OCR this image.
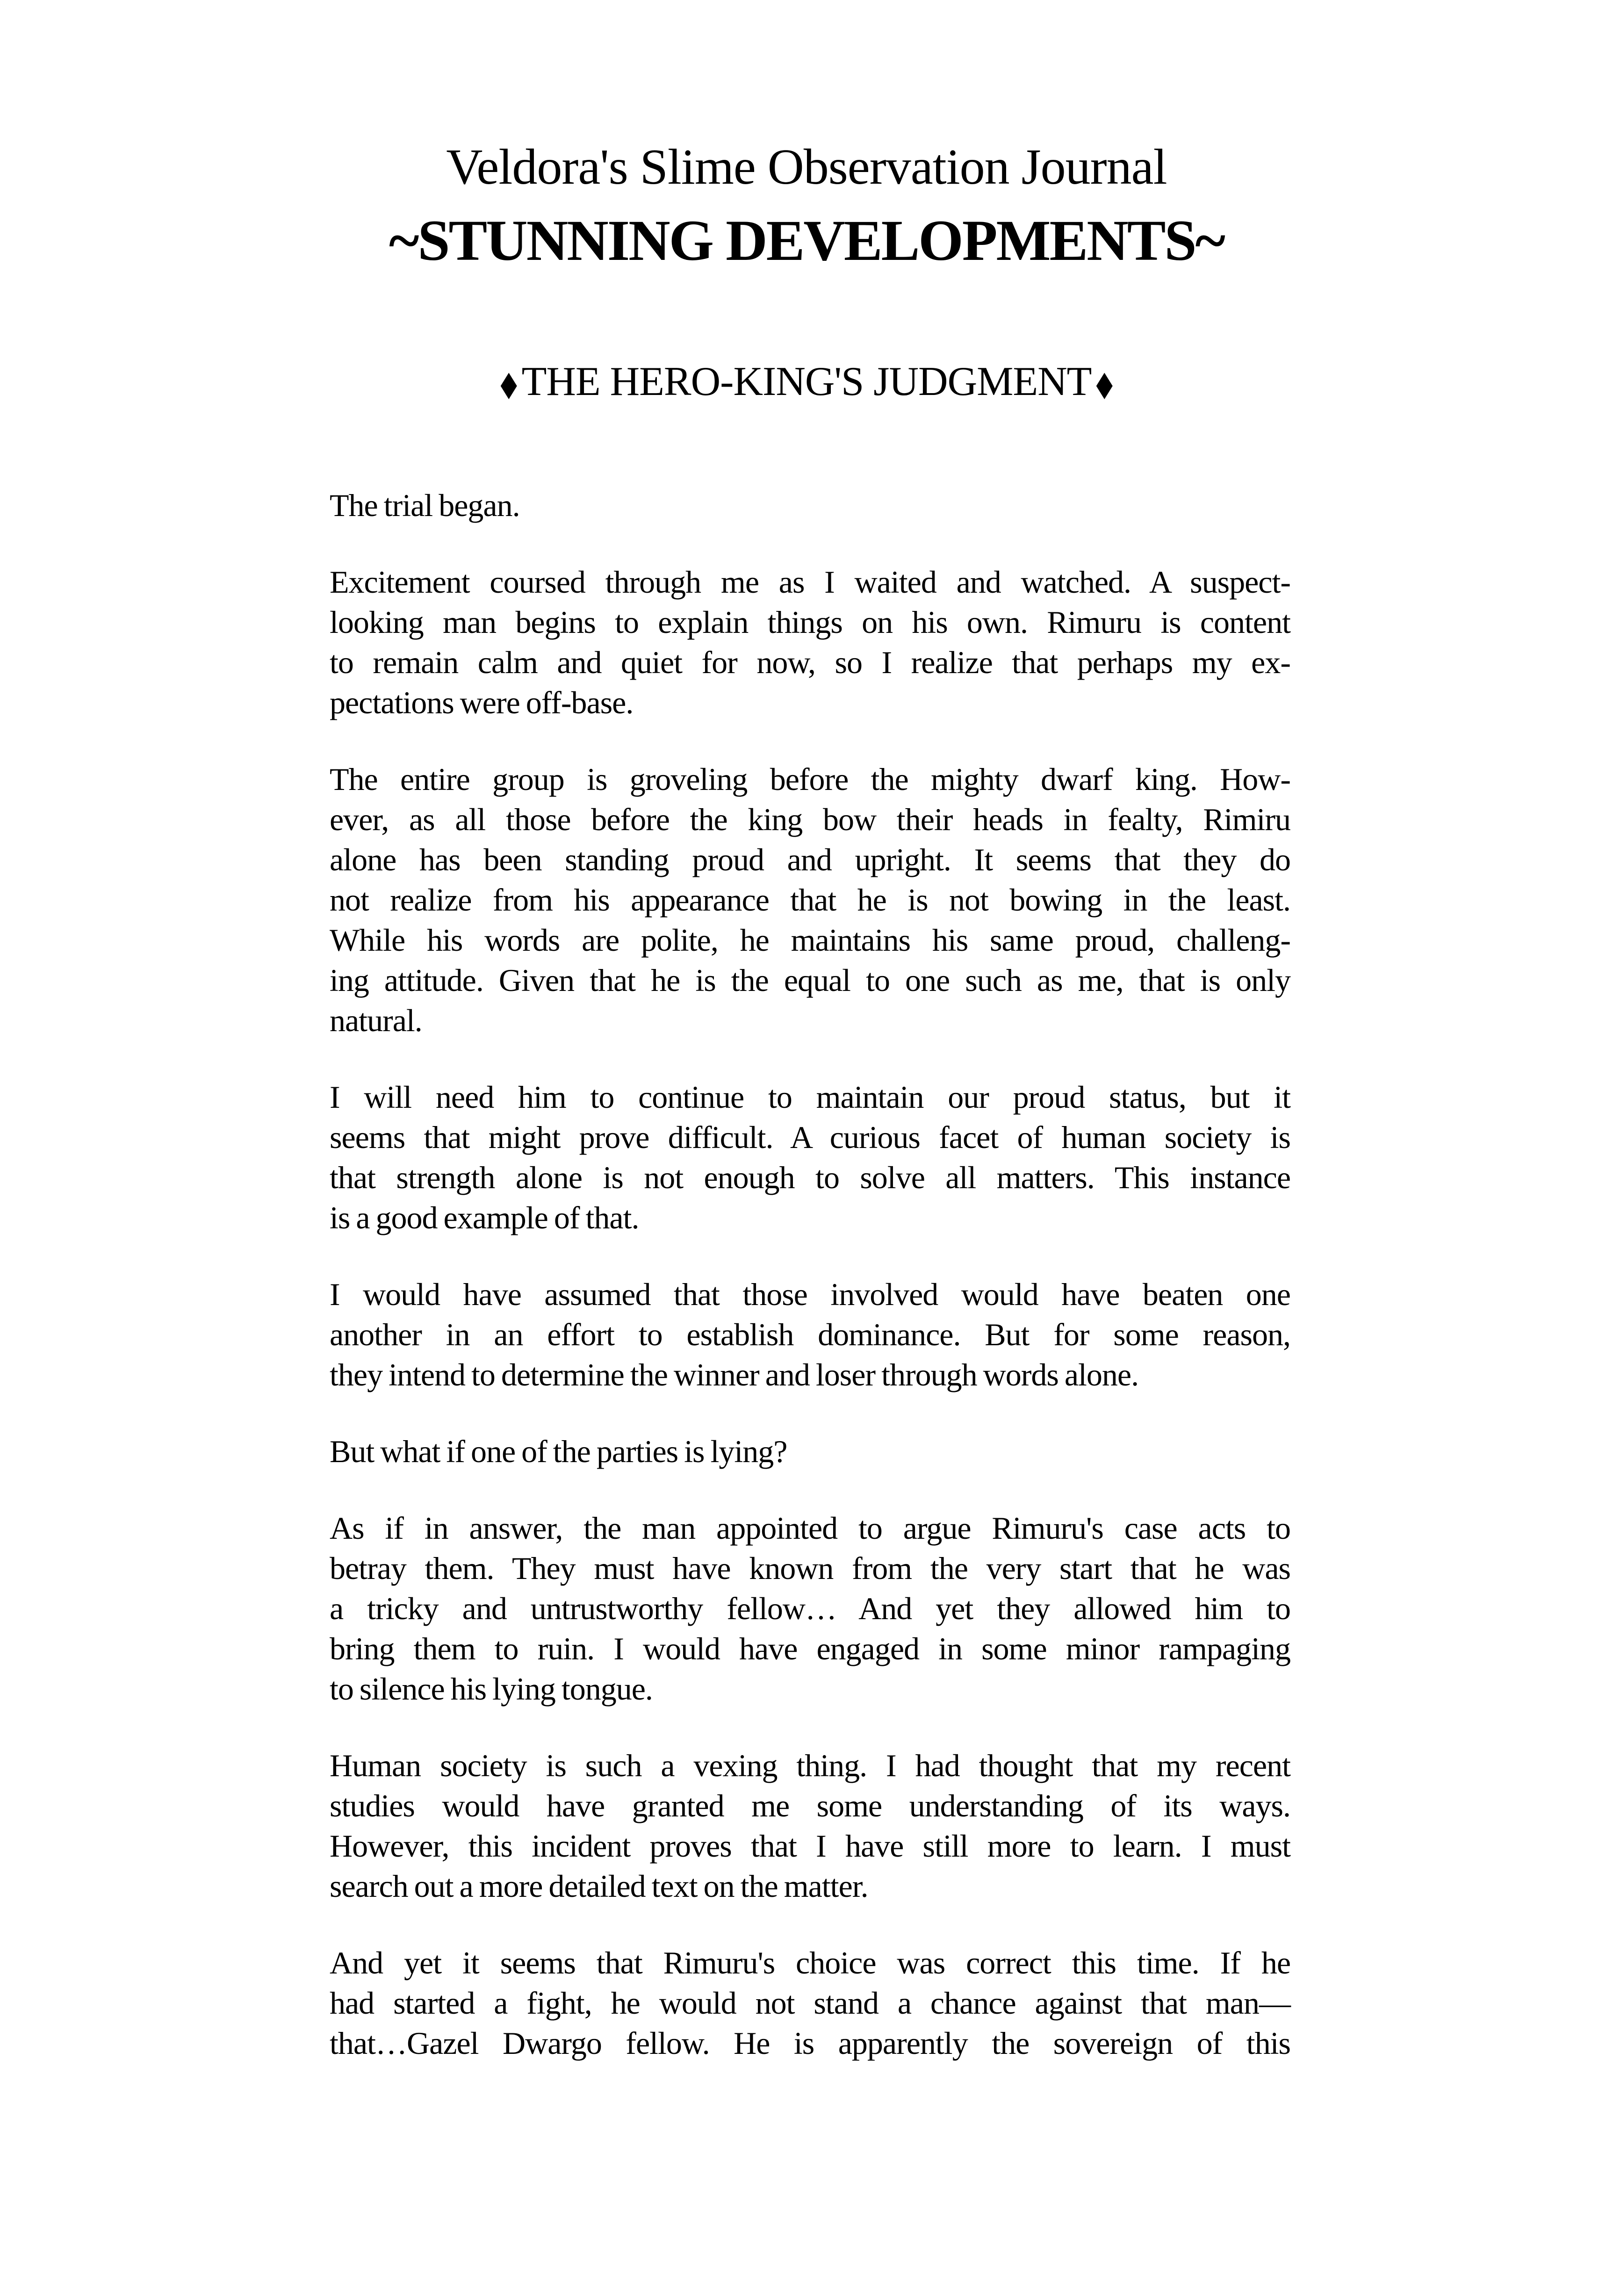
Veldora's Slime Observation Journal
~STUNNING DEVELOPMENTS~
◆ THE HERO-KING'S JUDGMENT ◆
The trial began.
Excitement coursed through me as I waited and watched. A suspect-
looking man begins to explain things on his own. Rimuru is content
to remain calm and quiet for now, so I realize that perhaps my ex-
pectations were off-base.
The entire group is groveling before the mighty dwarf king. How-
ever, as all those before the king bow their heads in fealty, Rimiru
alone has been standing proud and upright. It seems that they do
not realize from his appearance that he is not bowing in the least.
While his words are polite, he maintains his same proud, challeng-
ing attitude. Given that he is the equal to one such as me, that is only
natural.
I will need him to continue to maintain our proud status, but it
seems that might prove difficult. A curious facet of human society is
that strength alone is not enough to solve all matters. This instance
is a good example of that.
I would have assumed that those involved would have beaten one
another in an effort to establish dominance. But for some reason,
they intend to determine the winner and loser through words alone.
But what if one of the parties is lying?
As if in answer, the man appointed to argue Rimuru's case acts to
betray them. They must have known from the very start that he was
a tricky and untrustworthy fellow… And yet they allowed him to
bring them to ruin. I would have engaged in some minor rampaging
to silence his lying tongue.
Human society is such a vexing thing. I had thought that my recent
studies would have granted me some understanding of its ways.
However, this incident proves that I have still more to learn. I must
search out a more detailed text on the matter.
And yet it seems that Rimuru's choice was correct this time. If he
had started a fight, he would not stand a chance against that man—
that…Gazel Dwargo fellow. He is apparently the sovereign of this
